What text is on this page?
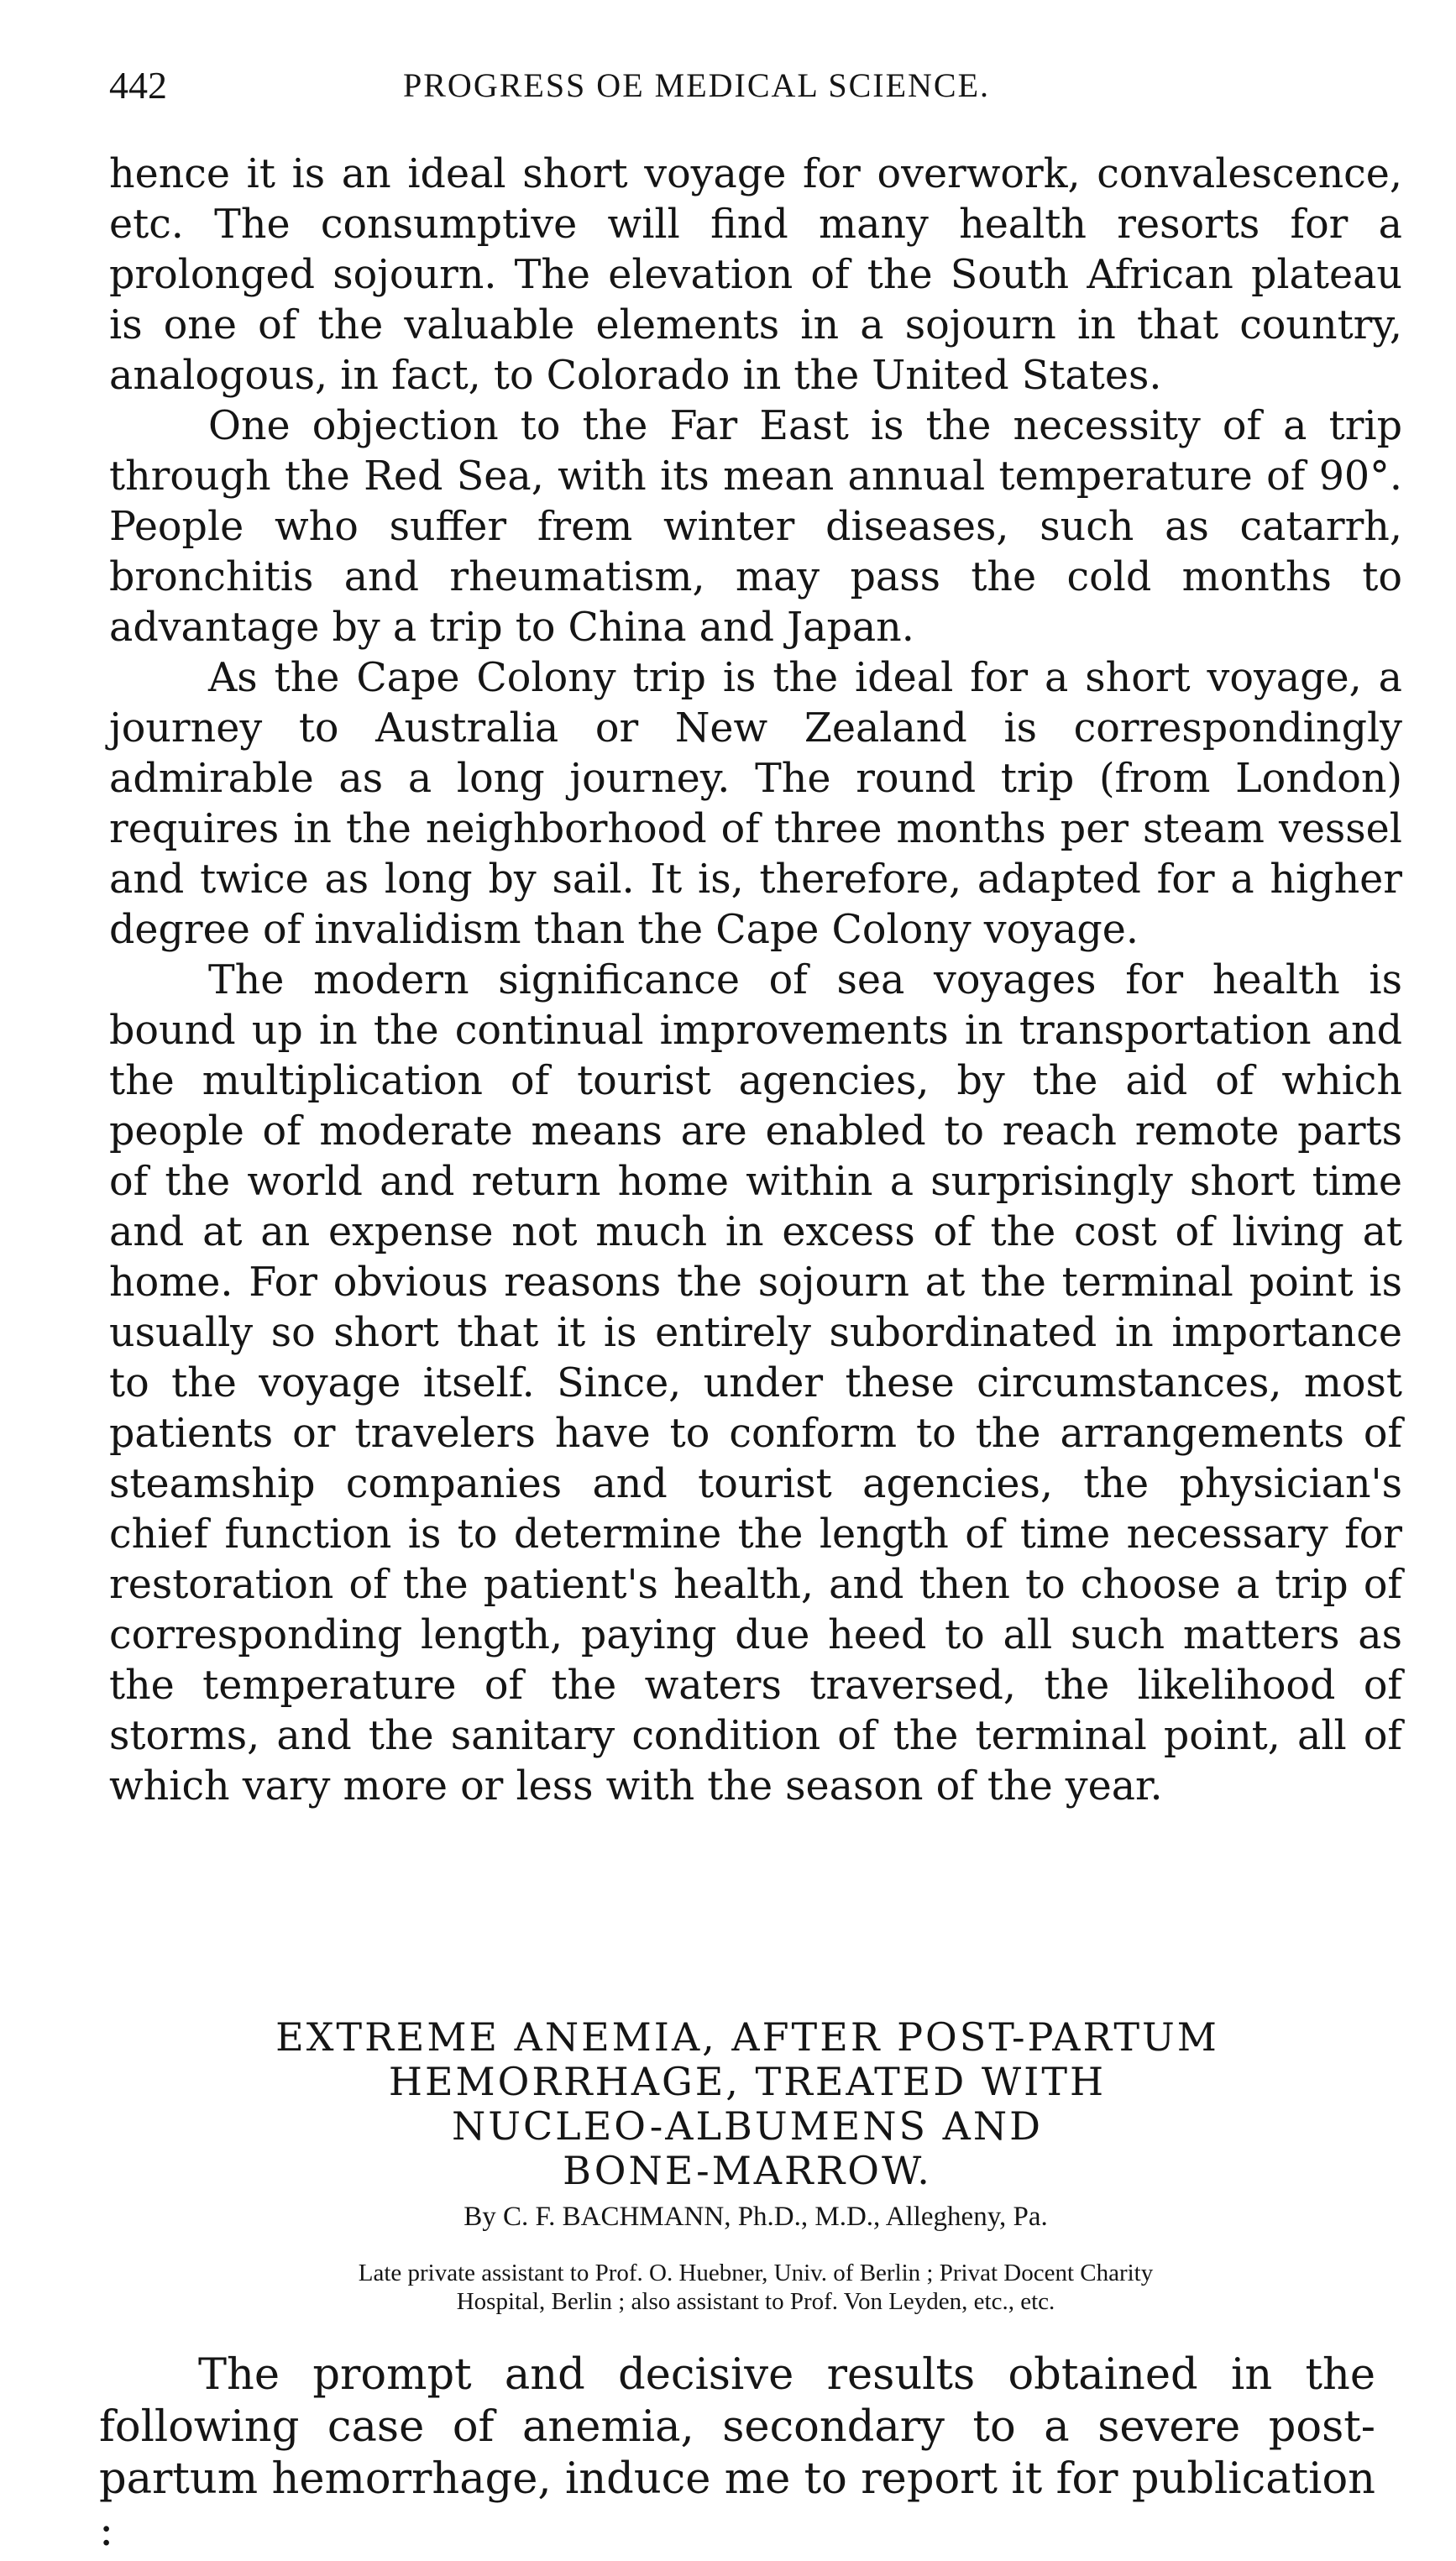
442	PROGRESS OE MEDICAL SCIENCE.

hence it is an ideal short voyage for overwork, convalescence, etc. The consumptive will find many health resorts for a prolonged sojourn. The elevation of the South African plateau is one of the valuable elements in a sojourn in that country, analogous, in fact, to Colorado in the United States.

One objection to the Far East is the necessity of a trip through the Red Sea, with its mean annual temperature of 90°. People who suffer frem winter diseases, such as catarrh, bronchitis and rheumatism, may pass the cold months to advantage by a trip to China and Japan.

As the Cape Colony trip is the ideal for a short voyage, a journey to Australia or New Zealand is correspondingly admirable as a long journey. The round trip (from London) requires in the neighborhood of three months per steam vessel and twice as long by sail. It is, therefore, adapted for a higher degree of invalidism than the Cape Colony voyage.

The modern significance of sea voyages for health is bound up in the continual improvements in transportation and the multiplication of tourist agencies, by the aid of which people of moderate means are enabled to reach remote parts of the world and return home within a surprisingly short time and at an expense not much in excess of the cost of living at home. For obvious reasons the sojourn at the terminal point is usually so short that it is entirely subordinated in importance to the voyage itself. Since, under these circumstances, most patients or travelers have to conform to the arrangements of steamship companies and tourist agencies, the physician's chief function is to determine the length of time necessary for restoration of the patient's health, and then to choose a trip of corresponding length, paying due heed to all such matters as the temperature of the waters traversed, the likelihood of storms, and the sanitary condition of the terminal point, all of which vary more or less with the season of the year.

EXTREME ANEMIA, AFTER POST-PARTUM
HEMORRHAGE, TREATED WITH
NUCLEO-ALBUMENS AND
BONE-MARROW.
By C. F. BACHMANN, Ph.D., M.D., Allegheny, Pa.
Late private assistant to Prof. O. Huebner, Univ. of Berlin ; Privat Docent Charity
Hospital, Berlin ; also assistant to Prof. Von Leyden, etc., etc.

The prompt and decisive results obtained in the following case of anemia, secondary to a severe post-partum hemorrhage, induce me to report it for publication :
